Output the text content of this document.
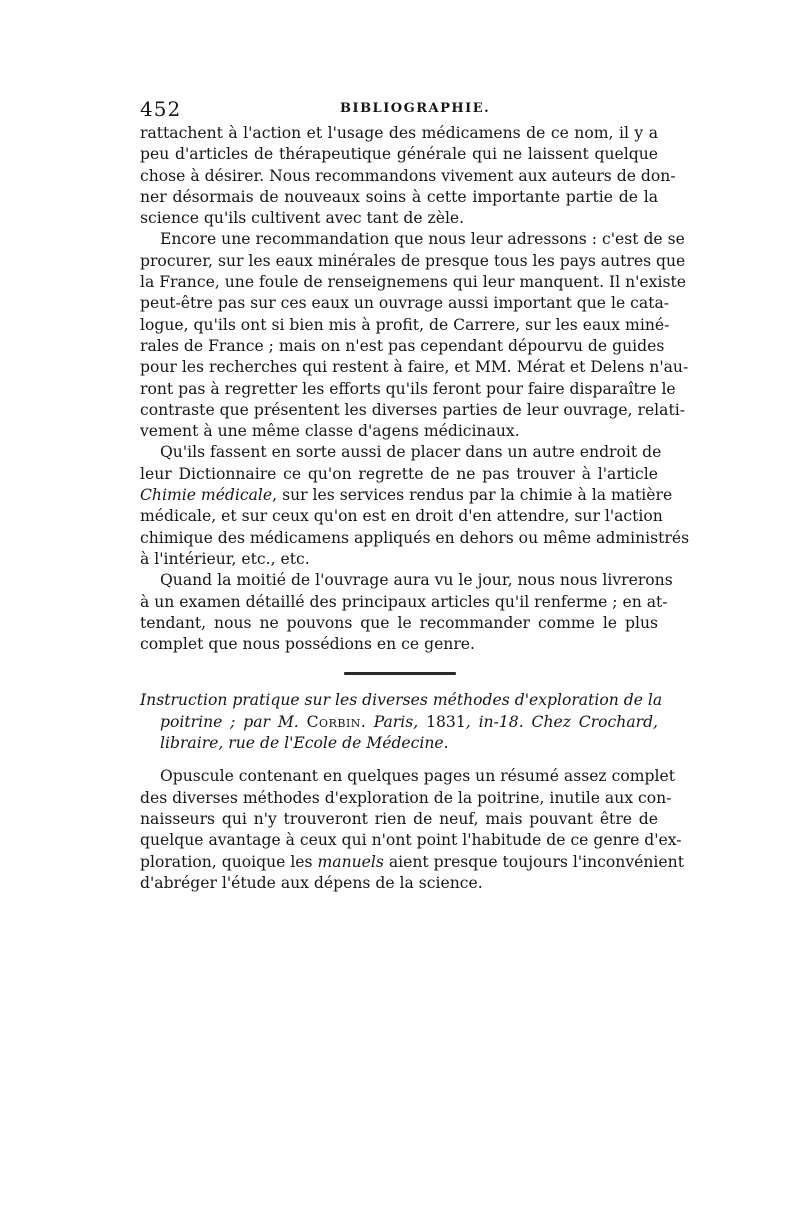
452	BIBLIOGRAPHIE.
rattachent à l'action et l'usage des médicamens de ce nom, il y a
peu d'articles de thérapeutique générale qui ne laissent quelque
chose à désirer. Nous recommandons vivement aux auteurs de don-
ner désormais de nouveaux soins à cette importante partie de la
science qu'ils cultivent avec tant de zèle.
Encore une recommandation que nous leur adressons : c'est de se
procurer, sur les eaux minérales de presque tous les pays autres que
la France, une foule de renseignemens qui leur manquent. Il n'existe
peut-être pas sur ces eaux un ouvrage aussi important que le cata-
logue, qu'ils ont si bien mis à profit, de Carrere, sur les eaux miné-
rales de France ; mais on n'est pas cependant dépourvu de guides
pour les recherches qui restent à faire, et MM. Mérat et Delens n'au-
ront pas à regretter les efforts qu'ils feront pour faire disparaître le
contraste que présentent les diverses parties de leur ouvrage, relati-
vement à une même classe d'agens médicinaux.
Qu'ils fassent en sorte aussi de placer dans un autre endroit de
leur Dictionnaire ce qu'on regrette de ne pas trouver à l'article
Chimie médicale, sur les services rendus par la chimie à la matière
médicale, et sur ceux qu'on est en droit d'en attendre, sur l'action
chimique des médicamens appliqués en dehors ou même administrés
à l'intérieur, etc., etc.
Quand la moitié de l'ouvrage aura vu le jour, nous nous livrerons
à un examen détaillé des principaux articles qu'il renferme ; en at-
tendant, nous ne pouvons que le recommander comme le plus
complet que nous possédions en ce genre.
Instruction pratique sur les diverses méthodes d'exploration de la
poitrine ; par M. Corbin. Paris, 1831, in-18. Chez Crochard,
libraire, rue de l'Ecole de Médecine.
Opuscule contenant en quelques pages un résumé assez complet
des diverses méthodes d'exploration de la poitrine, inutile aux con-
naisseurs qui n'y trouveront rien de neuf, mais pouvant être de
quelque avantage à ceux qui n'ont point l'habitude de ce genre d'ex-
ploration, quoique les manuels aient presque toujours l'inconvénient
d'abréger l'étude aux dépens de la science.
